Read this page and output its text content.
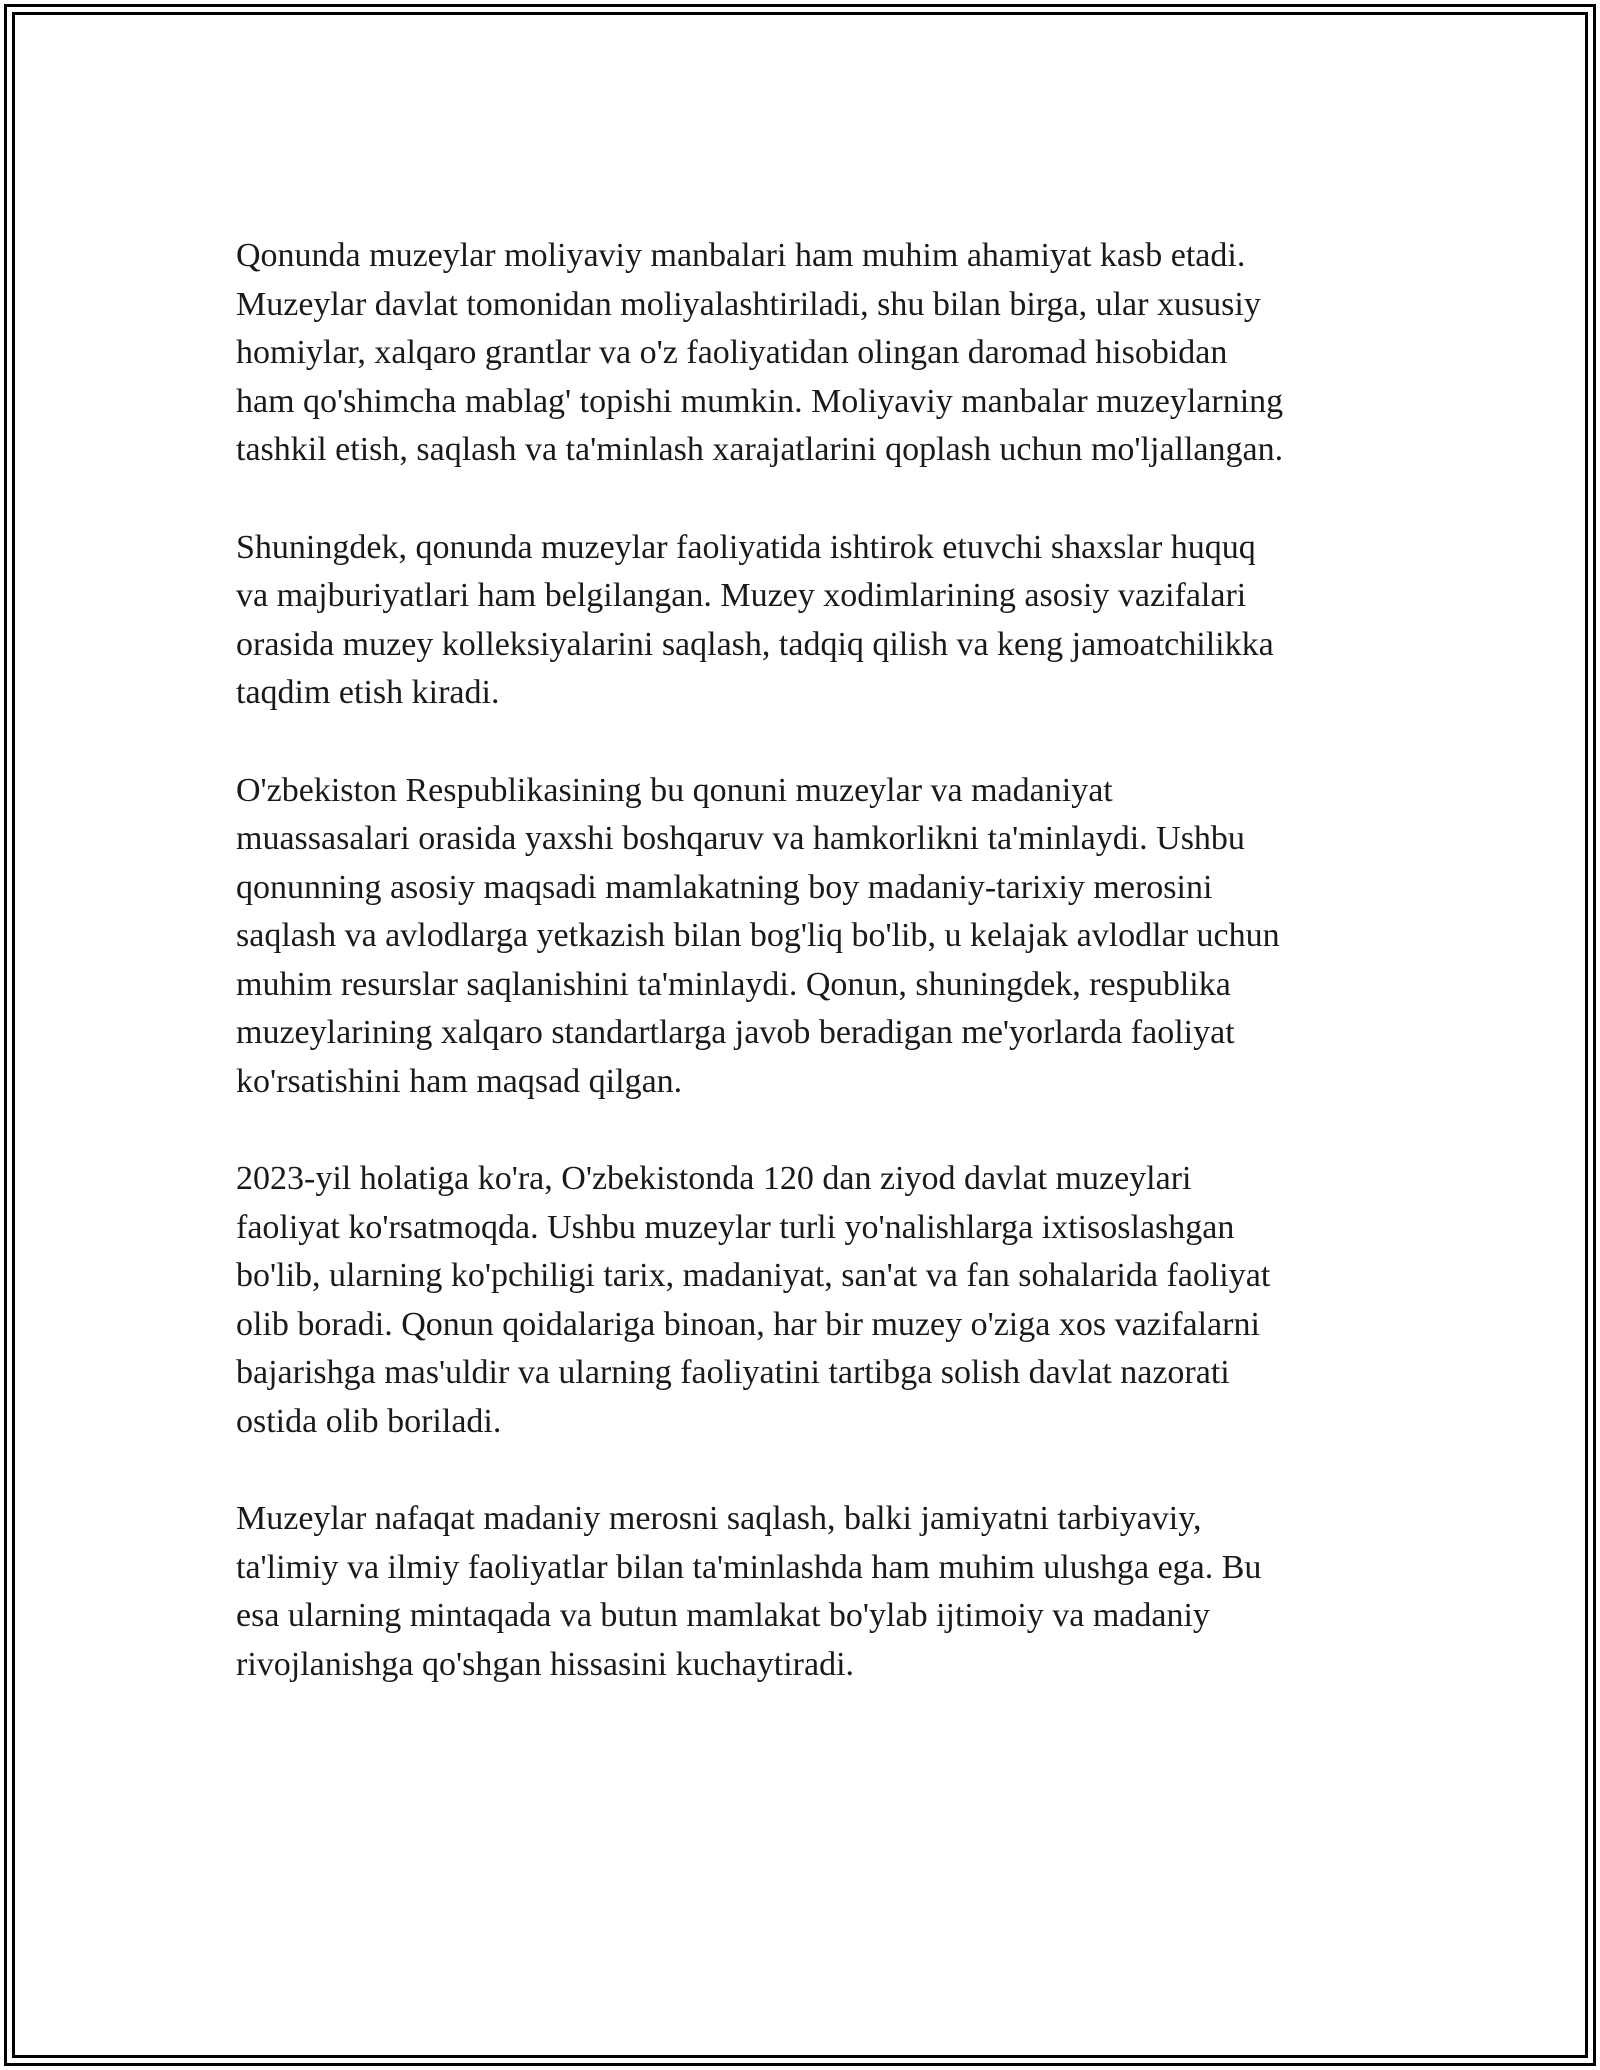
Qonunda muzeylar moliyaviy manbalari ham muhim ahamiyat kasb etadi.
Muzeylar davlat tomonidan moliyalashtiriladi, shu bilan birga, ular xususiy
homiylar, xalqaro grantlar va o'z faoliyatidan olingan daromad hisobidan
ham qo'shimcha mablag' topishi mumkin. Moliyaviy manbalar muzeylarning
tashkil etish, saqlash va ta'minlash xarajatlarini qoplash uchun mo'ljallangan.

Shuningdek, qonunda muzeylar faoliyatida ishtirok etuvchi shaxslar huquq
va majburiyatlari ham belgilangan. Muzey xodimlarining asosiy vazifalari
orasida muzey kolleksiyalarini saqlash, tadqiq qilish va keng jamoatchilikka
taqdim etish kiradi.

O'zbekiston Respublikasining bu qonuni muzeylar va madaniyat
muassasalari orasida yaxshi boshqaruv va hamkorlikni ta'minlaydi. Ushbu
qonunning asosiy maqsadi mamlakatning boy madaniy-tarixiy merosini
saqlash va avlodlarga yetkazish bilan bog'liq bo'lib, u kelajak avlodlar uchun
muhim resurslar saqlanishini ta'minlaydi. Qonun, shuningdek, respublika
muzeylarining xalqaro standartlarga javob beradigan me'yorlarda faoliyat
ko'rsatishini ham maqsad qilgan.

2023-yil holatiga ko'ra, O'zbekistonda 120 dan ziyod davlat muzeylari
faoliyat ko'rsatmoqda. Ushbu muzeylar turli yo'nalishlarga ixtisoslashgan
bo'lib, ularning ko'pchiligi tarix, madaniyat, san'at va fan sohalarida faoliyat
olib boradi. Qonun qoidalariga binoan, har bir muzey o'ziga xos vazifalarni
bajarishga mas'uldir va ularning faoliyatini tartibga solish davlat nazorati
ostida olib boriladi.

Muzeylar nafaqat madaniy merosni saqlash, balki jamiyatni tarbiyaviy,
ta'limiy va ilmiy faoliyatlar bilan ta'minlashda ham muhim ulushga ega. Bu
esa ularning mintaqada va butun mamlakat bo'ylab ijtimoiy va madaniy
rivojlanishga qo'shgan hissasini kuchaytiradi.
